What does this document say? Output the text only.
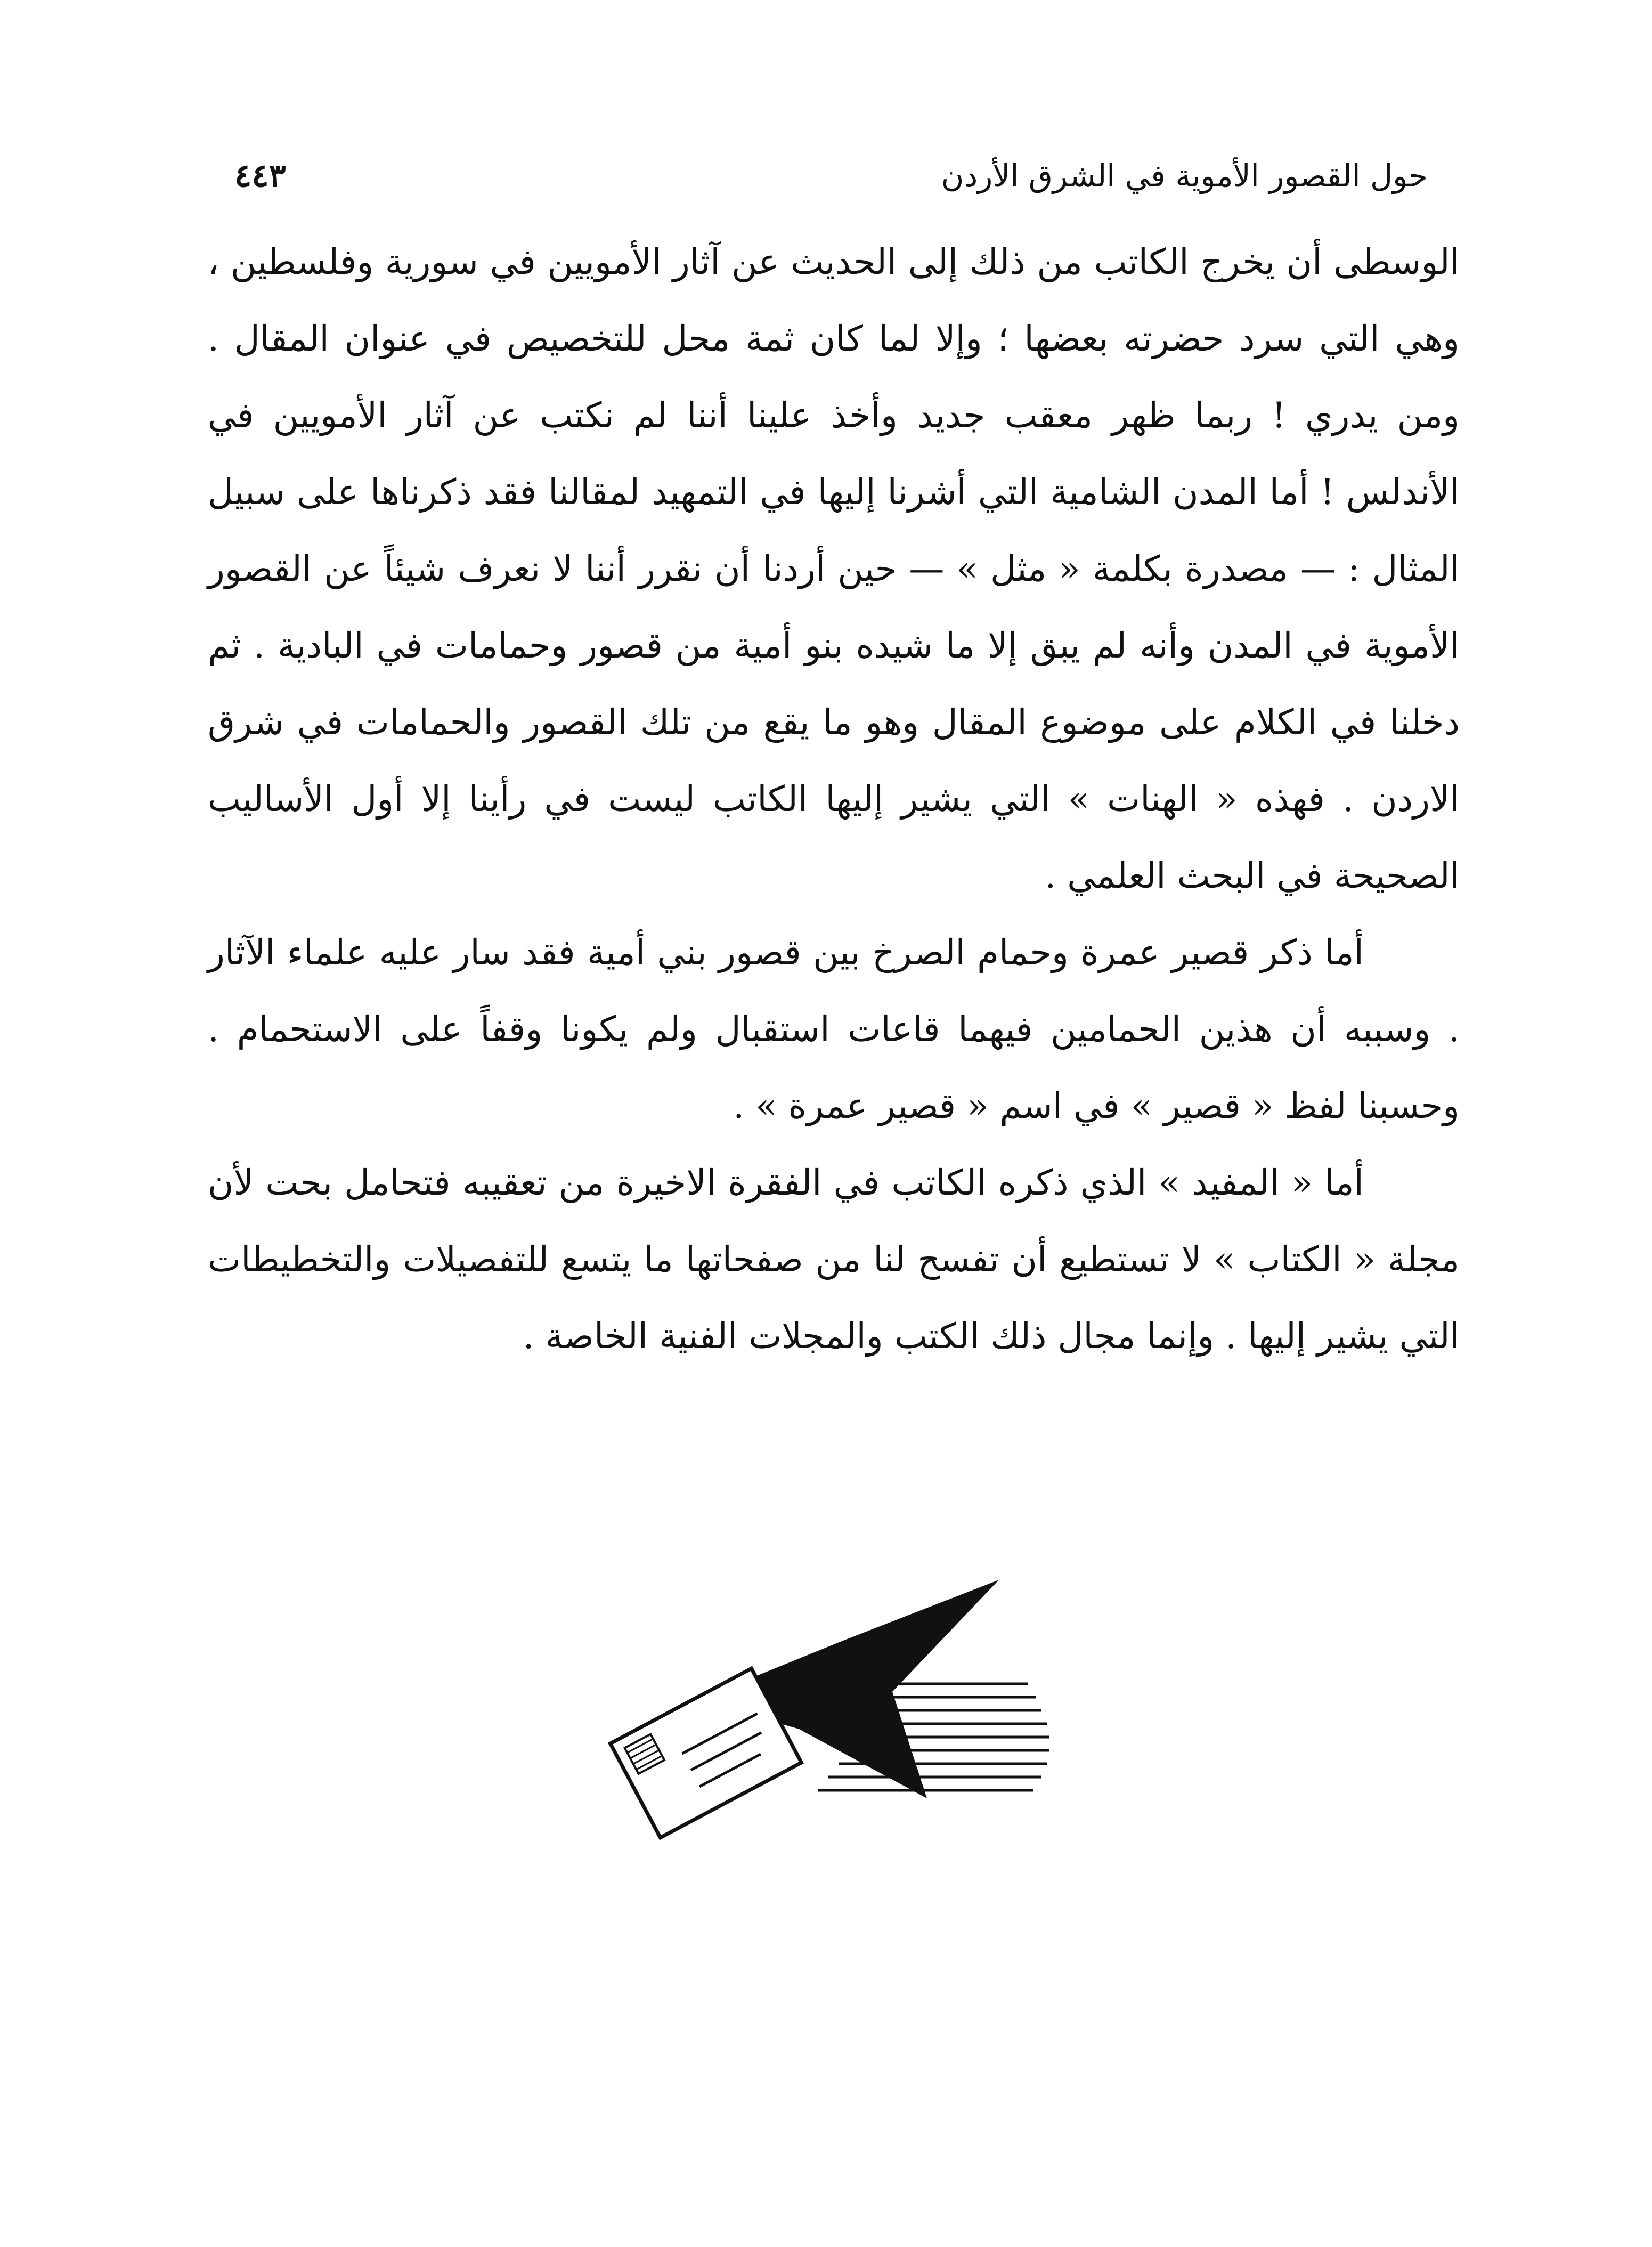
٤٤٣	حول القصور الأموية في الشرق الأردن

الوسطى أن يخرج الكاتب من ذلك إلى الحديث عن آثار الأمويين في سورية وفلسطين ، وهي التي سرد حضرته بعضها ؛ وإلا لما كان ثمة محل للتخصيص في عنوان المقال . ومن يدري ! ربما ظهر معقب جديد وأخذ علينا أننا لم نكتب عن آثار الأمويين في الأندلس ! أما المدن الشامية التي أشرنا إليها في التمهيد لمقالنا فقد ذكرناها على سبيل المثال : — مصدرة بكلمة « مثل » — حين أردنا أن نقرر أننا لا نعرف شيئاً عن القصور الأموية في المدن وأنه لم يبق إلا ما شيده بنو أمية من قصور وحمامات في البادية . ثم دخلنا في الكلام على موضوع المقال وهو ما يقع من تلك القصور والحمامات في شرق الاردن . فهذه « الهنات » التي يشير إليها الكاتب ليست في رأينا إلا أول الأساليب الصحيحة في البحث العلمي .

أما ذكر قصير عمرة وحمام الصرخ بين قصور بني أمية فقد سار عليه علماء الآثار . وسببه أن هذين الحمامين فيهما قاعات استقبال ولم يكونا وقفاً على الاستحمام . وحسبنا لفظ « قصير » في اسم « قصير عمرة » .

أما « المفيد » الذي ذكره الكاتب في الفقرة الاخيرة من تعقيبه فتحامل بحت لأن مجلة « الكتاب » لا تستطيع أن تفسح لنا من صفحاتها ما يتسع للتفصيلات والتخطيطات التي يشير إليها . وإنما مجال ذلك الكتب والمجلات الفنية الخاصة .
